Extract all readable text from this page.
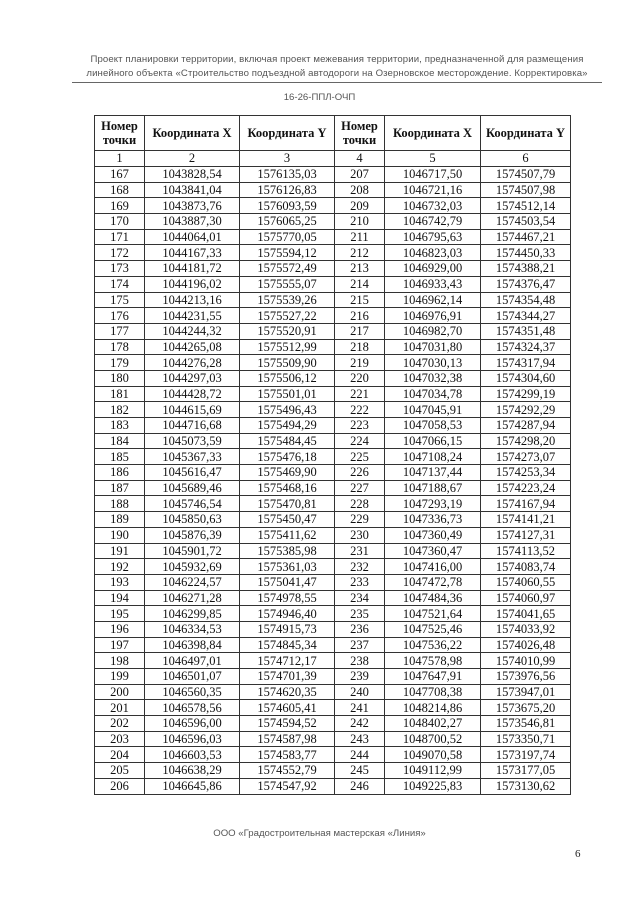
Проект планировки территории, включая проект межевания территории, предназначенной для размещения
линейного объекта «Строительство подъездной автодороги на Озерновское месторождение. Корректировка»
16-26-ППЛ-ОЧП
Номер точки	Координата X	Координата Y	Номер точки	Координата X	Координата Y
1	2	3	4	5	6
167	1043828,54	1576135,03	207	1046717,50	1574507,79
168	1043841,04	1576126,83	208	1046721,16	1574507,98
169	1043873,76	1576093,59	209	1046732,03	1574512,14
170	1043887,30	1576065,25	210	1046742,79	1574503,54
171	1044064,01	1575770,05	211	1046795,63	1574467,21
172	1044167,33	1575594,12	212	1046823,03	1574450,33
173	1044181,72	1575572,49	213	1046929,00	1574388,21
174	1044196,02	1575555,07	214	1046933,43	1574376,47
175	1044213,16	1575539,26	215	1046962,14	1574354,48
176	1044231,55	1575527,22	216	1046976,91	1574344,27
177	1044244,32	1575520,91	217	1046982,70	1574351,48
178	1044265,08	1575512,99	218	1047031,80	1574324,37
179	1044276,28	1575509,90	219	1047030,13	1574317,94
180	1044297,03	1575506,12	220	1047032,38	1574304,60
181	1044428,72	1575501,01	221	1047034,78	1574299,19
182	1044615,69	1575496,43	222	1047045,91	1574292,29
183	1044716,68	1575494,29	223	1047058,53	1574287,94
184	1045073,59	1575484,45	224	1047066,15	1574298,20
185	1045367,33	1575476,18	225	1047108,24	1574273,07
186	1045616,47	1575469,90	226	1047137,44	1574253,34
187	1045689,46	1575468,16	227	1047188,67	1574223,24
188	1045746,54	1575470,81	228	1047293,19	1574167,94
189	1045850,63	1575450,47	229	1047336,73	1574141,21
190	1045876,39	1575411,62	230	1047360,49	1574127,31
191	1045901,72	1575385,98	231	1047360,47	1574113,52
192	1045932,69	1575361,03	232	1047416,00	1574083,74
193	1046224,57	1575041,47	233	1047472,78	1574060,55
194	1046271,28	1574978,55	234	1047484,36	1574060,97
195	1046299,85	1574946,40	235	1047521,64	1574041,65
196	1046334,53	1574915,73	236	1047525,46	1574033,92
197	1046398,84	1574845,34	237	1047536,22	1574026,48
198	1046497,01	1574712,17	238	1047578,98	1574010,99
199	1046501,07	1574701,39	239	1047647,91	1573976,56
200	1046560,35	1574620,35	240	1047708,38	1573947,01
201	1046578,56	1574605,41	241	1048214,86	1573675,20
202	1046596,00	1574594,52	242	1048402,27	1573546,81
203	1046596,03	1574587,98	243	1048700,52	1573350,71
204	1046603,53	1574583,77	244	1049070,58	1573197,74
205	1046638,29	1574552,79	245	1049112,99	1573177,05
206	1046645,86	1574547,92	246	1049225,83	1573130,62
ООО «Градостроительная мастерская «Линия»
6
